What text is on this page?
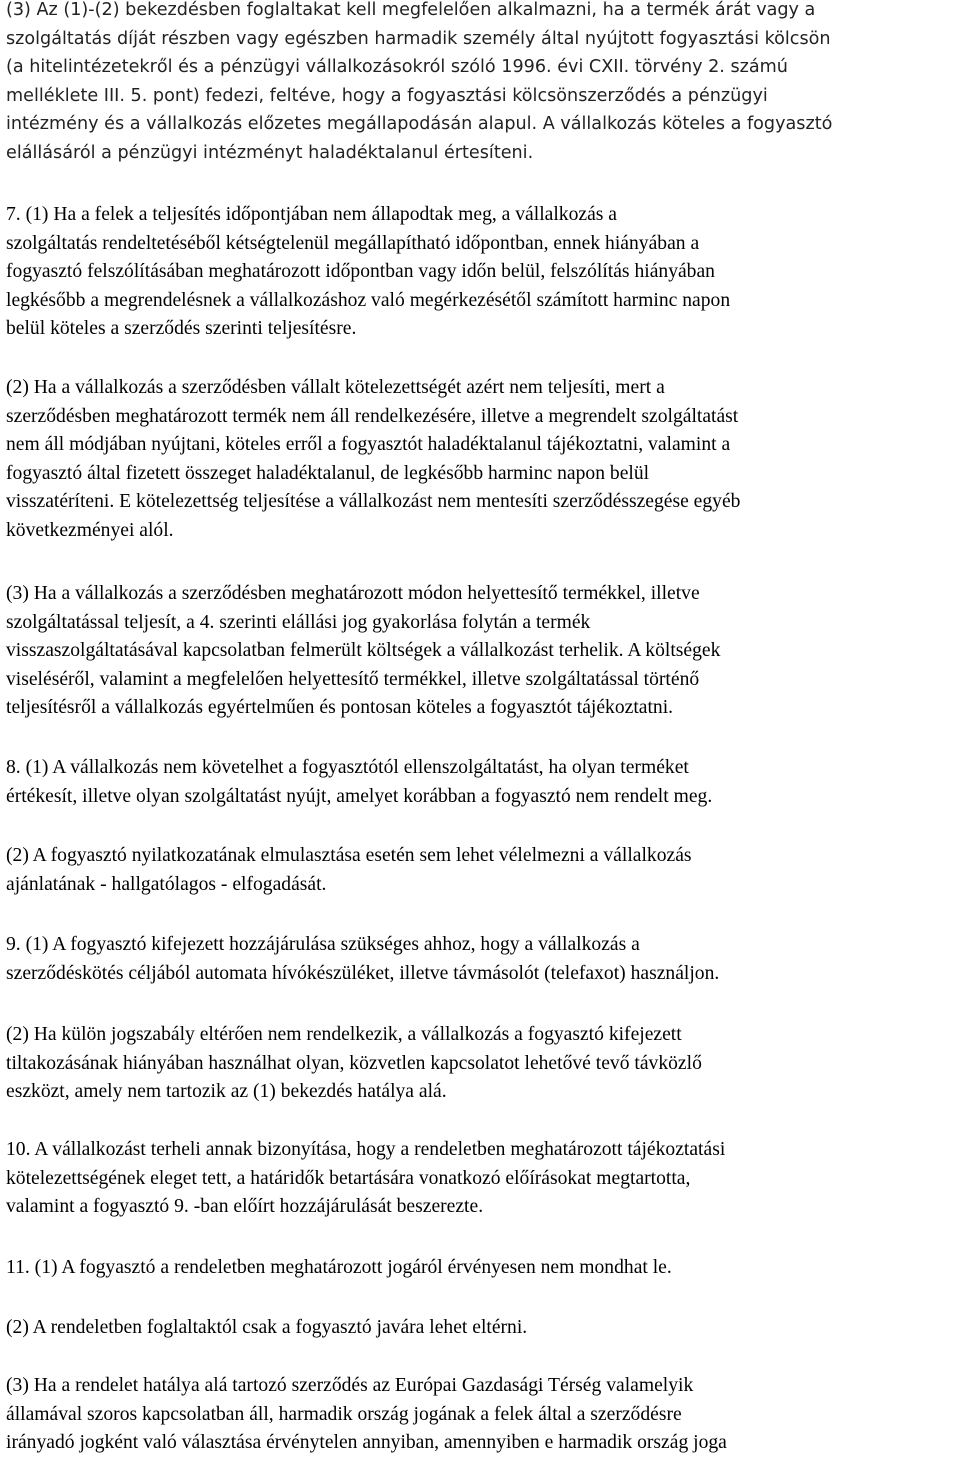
(3) Az (1)-(2) bekezdésben foglaltakat kell megfelelően alkalmazni, ha a termék árát vagy a
szolgáltatás díját részben vagy egészben harmadik személy által nyújtott fogyasztási kölcsön
(a hitelintézetekről és a pénzügyi vállalkozásokról szóló 1996. évi CXII. törvény 2. számú
melléklete III. 5. pont) fedezi, feltéve, hogy a fogyasztási kölcsönszerződés a pénzügyi
intézmény és a vállalkozás előzetes megállapodásán alapul. A vállalkozás köteles a fogyasztó
elállásáról a pénzügyi intézményt haladéktalanul értesíteni.
7. (1) Ha a felek a teljesítés időpontjában nem állapodtak meg, a vállalkozás a
szolgáltatás rendeltetéséből kétségtelenül megállapítható időpontban, ennek hiányában a
fogyasztó felszólításában meghatározott időpontban vagy időn belül, felszólítás hiányában
legkésőbb a megrendelésnek a vállalkozáshoz való megérkezésétől számított harminc napon
belül köteles a szerződés szerinti teljesítésre.
(2) Ha a vállalkozás a szerződésben vállalt kötelezettségét azért nem teljesíti, mert a
szerződésben meghatározott termék nem áll rendelkezésére, illetve a megrendelt szolgáltatást
nem áll módjában nyújtani, köteles erről a fogyasztót haladéktalanul tájékoztatni, valamint a
fogyasztó által fizetett összeget haladéktalanul, de legkésőbb harminc napon belül
visszatéríteni. E kötelezettség teljesítése a vállalkozást nem mentesíti szerződésszegése egyéb
következményei alól.
(3) Ha a vállalkozás a szerződésben meghatározott módon helyettesítő termékkel, illetve
szolgáltatással teljesít, a 4. szerinti elállási jog gyakorlása folytán a termék
visszaszolgáltatásával kapcsolatban felmerült költségek a vállalkozást terhelik. A költségek
viseléséről, valamint a megfelelően helyettesítő termékkel, illetve szolgáltatással történő
teljesítésről a vállalkozás egyértelműen és pontosan köteles a fogyasztót tájékoztatni.
8. (1) A vállalkozás nem követelhet a fogyasztótól ellenszolgáltatást, ha olyan terméket
értékesít, illetve olyan szolgáltatást nyújt, amelyet korábban a fogyasztó nem rendelt meg.
(2) A fogyasztó nyilatkozatának elmulasztása esetén sem lehet vélelmezni a vállalkozás
ajánlatának - hallgatólagos - elfogadását.
9. (1) A fogyasztó kifejezett hozzájárulása szükséges ahhoz, hogy a vállalkozás a
szerződéskötés céljából automata hívókészüléket, illetve távmásolót (telefaxot) használjon.
(2) Ha külön jogszabály eltérően nem rendelkezik, a vállalkozás a fogyasztó kifejezett
tiltakozásának hiányában használhat olyan, közvetlen kapcsolatot lehetővé tevő távközlő
eszközt, amely nem tartozik az (1) bekezdés hatálya alá.
10. A vállalkozást terheli annak bizonyítása, hogy a rendeletben meghatározott tájékoztatási
kötelezettségének eleget tett, a határidők betartására vonatkozó előírásokat megtartotta,
valamint a fogyasztó 9. -ban előírt hozzájárulását beszerezte.
11. (1) A fogyasztó a rendeletben meghatározott jogáról érvényesen nem mondhat le.
(2) A rendeletben foglaltaktól csak a fogyasztó javára lehet eltérni.
(3) Ha a rendelet hatálya alá tartozó szerződés az Európai Gazdasági Térség valamelyik
államával szoros kapcsolatban áll, harmadik ország jogának a felek által a szerződésre
irányadó jogként való választása érvénytelen annyiban, amennyiben e harmadik ország joga
